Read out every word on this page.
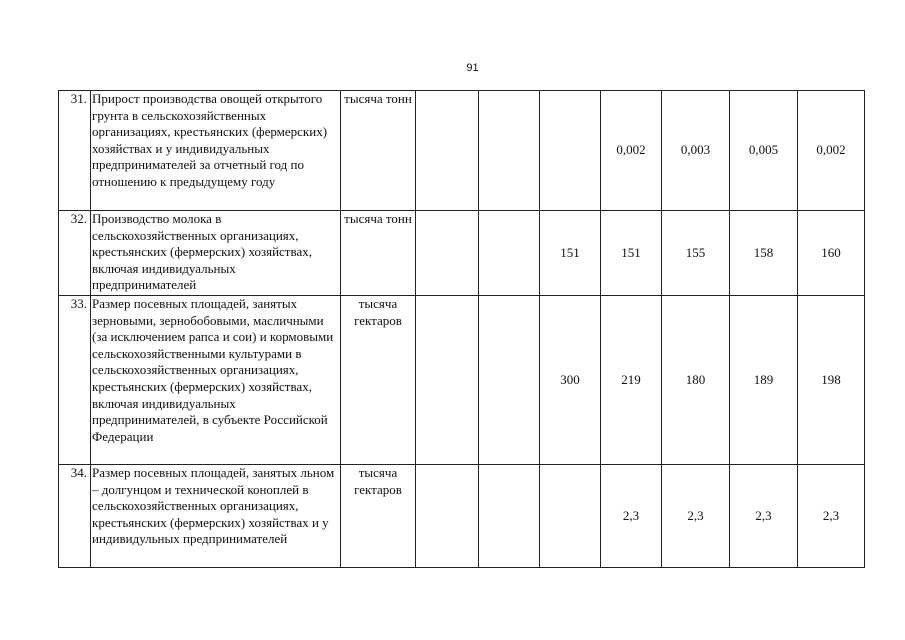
91
31.	Прирост производства овощей открытого грунта в сельскохозяйственных организациях, крестьянских (фермерских) хозяйствах и у индивидуальных предпринимателей за отчетный год по отношению к предыдущему году	тысяча тонн				0,002	0,003	0,005	0,002
32.	Производство молока в сельскохозяйственных организациях, крестьянских (фермерских) хозяйствах, включая индивидуальных предпринимателей	тысяча тонн			151	151	155	158	160
33.	Размер посевных площадей, занятых зерновыми, зернобобовыми, масличными (за исключением рапса и сои) и кормовыми сельскохозяйственными культурами в сельскохозяйственных организациях, крестьянских (фермерских) хозяйствах, включая индивидуальных предпринимателей, в субъекте Российской Федерации	тысяча гектаров			300	219	180	189	198
34.	Размер посевных площадей, занятых льном – долгунцом и технической коноплей в сельскохозяйственных организациях, крестьянских (фермерских) хозяйствах и у индивидульных предпринимателей	тысяча гектаров				2,3	2,3	2,3	2,3
